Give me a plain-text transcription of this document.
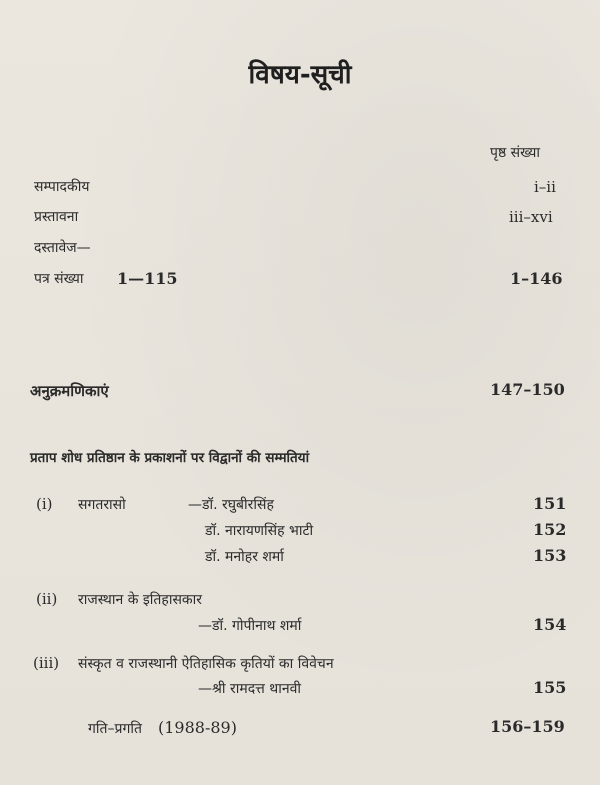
विषय-सूची
पृष्ठ संख्या
सम्पादकीय	i–ii
प्रस्तावना	iii–xvi
दस्तावेज—
पत्र संख्या 1—115	1–146
अनुक्रमणिकाएं	147–150
प्रताप शोध प्रतिष्ठान के प्रकाशनों पर विद्वानों की सम्मतियां
(i) सगतरासो	—डॉ. रघुबीरसिंह	151
डॉ. नारायणसिंह भाटी	152
डॉ. मनोहर शर्मा	153
(ii) राजस्थान के इतिहासकार
—डॉ. गोपीनाथ शर्मा	154
(iii) संस्कृत व राजस्थानी ऐतिहासिक कृतियों का विवेचन
—श्री रामदत्त थानवी	155
गति–प्रगति (1988-89)	156–159
